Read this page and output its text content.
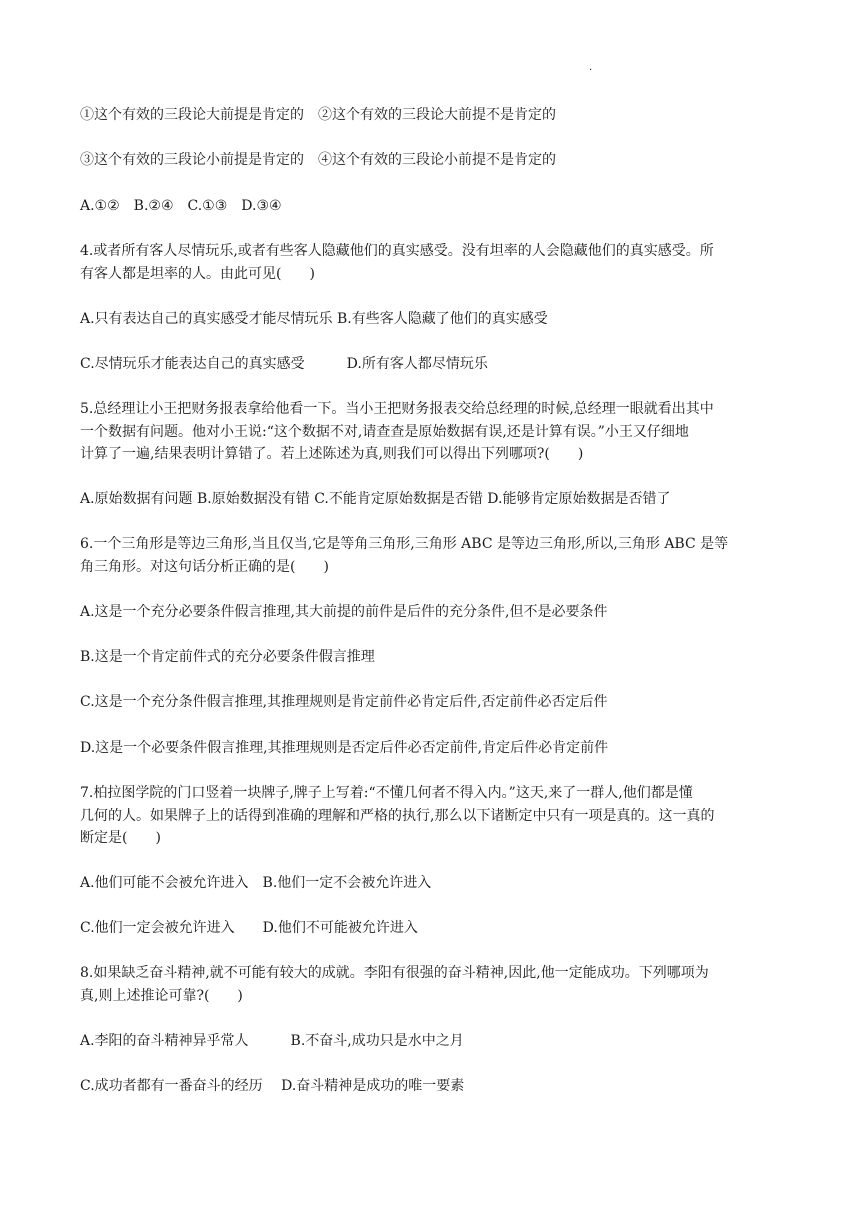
·
①这个有效的三段论大前提是肯定的　②这个有效的三段论大前提不是肯定的
③这个有效的三段论小前提是肯定的　④这个有效的三段论小前提不是肯定的
A.①②　B.②④　C.①③　D.③④
4.或者所有客人尽情玩乐,或者有些客人隐藏他们的真实感受。没有坦率的人会隐藏他们的真实感受。所
有客人都是坦率的人。由此可见(　　)
A.只有表达自己的真实感受才能尽情玩乐 B.有些客人隐藏了他们的真实感受
C.尽情玩乐才能表达自己的真实感受　　　D.所有客人都尽情玩乐
5.总经理让小王把财务报表拿给他看一下。当小王把财务报表交给总经理的时候,总经理一眼就看出其中
一个数据有问题。他对小王说:“这个数据不对,请查查是原始数据有误,还是计算有误。”小王又仔细地
计算了一遍,结果表明计算错了。若上述陈述为真,则我们可以得出下列哪项?(　　)
A.原始数据有问题 B.原始数据没有错 C.不能肯定原始数据是否错 D.能够肯定原始数据是否错了
6.一个三角形是等边三角形,当且仅当,它是等角三角形,三角形 ABC 是等边三角形,所以,三角形 ABC 是等
角三角形。对这句话分析正确的是(　　)
A.这是一个充分必要条件假言推理,其大前提的前件是后件的充分条件,但不是必要条件
B.这是一个肯定前件式的充分必要条件假言推理
C.这是一个充分条件假言推理,其推理规则是肯定前件必肯定后件,否定前件必否定后件
D.这是一个必要条件假言推理,其推理规则是否定后件必否定前件,肯定后件必肯定前件
7.柏拉图学院的门口竖着一块牌子,牌子上写着:“不懂几何者不得入内。”这天,来了一群人,他们都是懂
几何的人。如果牌子上的话得到准确的理解和严格的执行,那么以下诸断定中只有一项是真的。这一真的
断定是(　　)
A.他们可能不会被允许进入　B.他们一定不会被允许进入
C.他们一定会被允许进入　　D.他们不可能被允许进入
8.如果缺乏奋斗精神,就不可能有较大的成就。李阳有很强的奋斗精神,因此,他一定能成功。下列哪项为
真,则上述推论可靠?(　　)
A.李阳的奋斗精神异乎常人　　　B.不奋斗,成功只是水中之月
C.成功者都有一番奋斗的经历　 D.奋斗精神是成功的唯一要素
